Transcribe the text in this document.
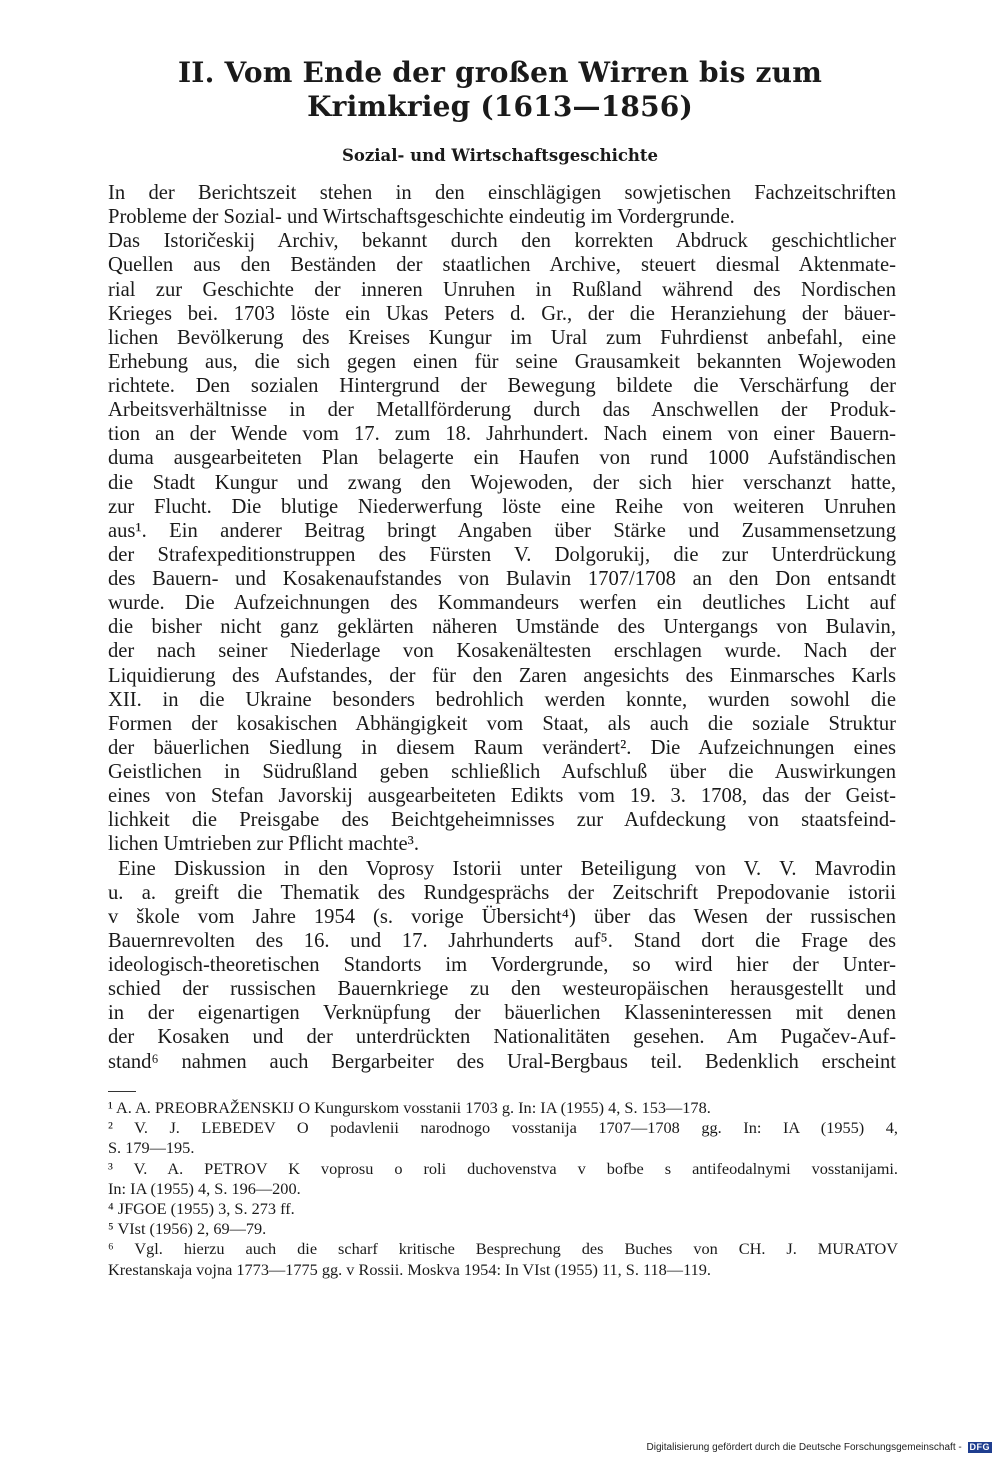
II. Vom Ende der großen Wirren bis zum
Krimkrieg (1613—1856)
Sozial- und Wirtschaftsgeschichte
In der Berichtszeit stehen in den einschlägigen sowjetischen Fachzeitschriften
Probleme der Sozial- und Wirtschaftsgeschichte eindeutig im Vordergrunde.
Das Istoričeskij Archiv, bekannt durch den korrekten Abdruck geschichtlicher
Quellen aus den Beständen der staatlichen Archive, steuert diesmal Aktenmate-
rial zur Geschichte der inneren Unruhen in Rußland während des Nordischen
Krieges bei. 1703 löste ein Ukas Peters d. Gr., der die Heranziehung der bäuer-
lichen Bevölkerung des Kreises Kungur im Ural zum Fuhrdienst anbefahl, eine
Erhebung aus, die sich gegen einen für seine Grausamkeit bekannten Wojewoden
richtete. Den sozialen Hintergrund der Bewegung bildete die Verschärfung der
Arbeitsverhältnisse in der Metallförderung durch das Anschwellen der Produk-
tion an der Wende vom 17. zum 18. Jahrhundert. Nach einem von einer Bauern-
duma ausgearbeiteten Plan belagerte ein Haufen von rund 1000 Aufständischen
die Stadt Kungur und zwang den Wojewoden, der sich hier verschanzt hatte,
zur Flucht. Die blutige Niederwerfung löste eine Reihe von weiteren Unruhen
aus¹. Ein anderer Beitrag bringt Angaben über Stärke und Zusammensetzung
der Strafexpeditionstruppen des Fürsten V. Dolgorukij, die zur Unterdrückung
des Bauern- und Kosakenaufstandes von Bulavin 1707/1708 an den Don entsandt
wurde. Die Aufzeichnungen des Kommandeurs werfen ein deutliches Licht auf
die bisher nicht ganz geklärten näheren Umstände des Untergangs von Bulavin,
der nach seiner Niederlage von Kosakenältesten erschlagen wurde. Nach der
Liquidierung des Aufstandes, der für den Zaren angesichts des Einmarsches Karls
XII. in die Ukraine besonders bedrohlich werden konnte, wurden sowohl die
Formen der kosakischen Abhängigkeit vom Staat, als auch die soziale Struktur
der bäuerlichen Siedlung in diesem Raum verändert². Die Aufzeichnungen eines
Geistlichen in Südrußland geben schließlich Aufschluß über die Auswirkungen
eines von Stefan Javorskij ausgearbeiteten Edikts vom 19. 3. 1708, das der Geist-
lichkeit die Preisgabe des Beichtgeheimnisses zur Aufdeckung von staatsfeind-
lichen Umtrieben zur Pflicht machte³.
Eine Diskussion in den Voprosy Istorii unter Beteiligung von V. V. Mavrodin
u. a. greift die Thematik des Rundgesprächs der Zeitschrift Prepodovanie istorii
v škole vom Jahre 1954 (s. vorige Übersicht⁴) über das Wesen der russischen
Bauernrevolten des 16. und 17. Jahrhunderts auf⁵. Stand dort die Frage des
ideologisch-theoretischen Standorts im Vordergrunde, so wird hier der Unter-
schied der russischen Bauernkriege zu den westeuropäischen herausgestellt und
in der eigenartigen Verknüpfung der bäuerlichen Klasseninteressen mit denen
der Kosaken und der unterdrückten Nationalitäten gesehen. Am Pugačev-Auf-
stand⁶ nahmen auch Bergarbeiter des Ural-Bergbaus teil. Bedenklich erscheint
¹ A. A. PREOBRAŽENSKIJ O Kungurskom vosstanii 1703 g. In: IA (1955) 4, S. 153—178.
² V. J. LEBEDEV O podavlenii narodnogo vosstanija 1707—1708 gg. In: IA (1955) 4,
S. 179—195.
³ V. A. PETROV K voprosu o roli duchovenstva v bofbe s antifeodalnymi vosstanijami.
In: IA (1955) 4, S. 196—200.
⁴ JFGOE (1955) 3, S. 273 ff.
⁵ VIst (1956) 2, 69—79.
⁶ Vgl. hierzu auch die scharf kritische Besprechung des Buches von CH. J. MURATOV
Krestanskaja vojna 1773—1775 gg. v Rossii. Moskva 1954: In VIst (1955) 11, S. 118—119.
Digitalisierung gefördert durch die Deutsche Forschungsgemeinschaft - DFG
